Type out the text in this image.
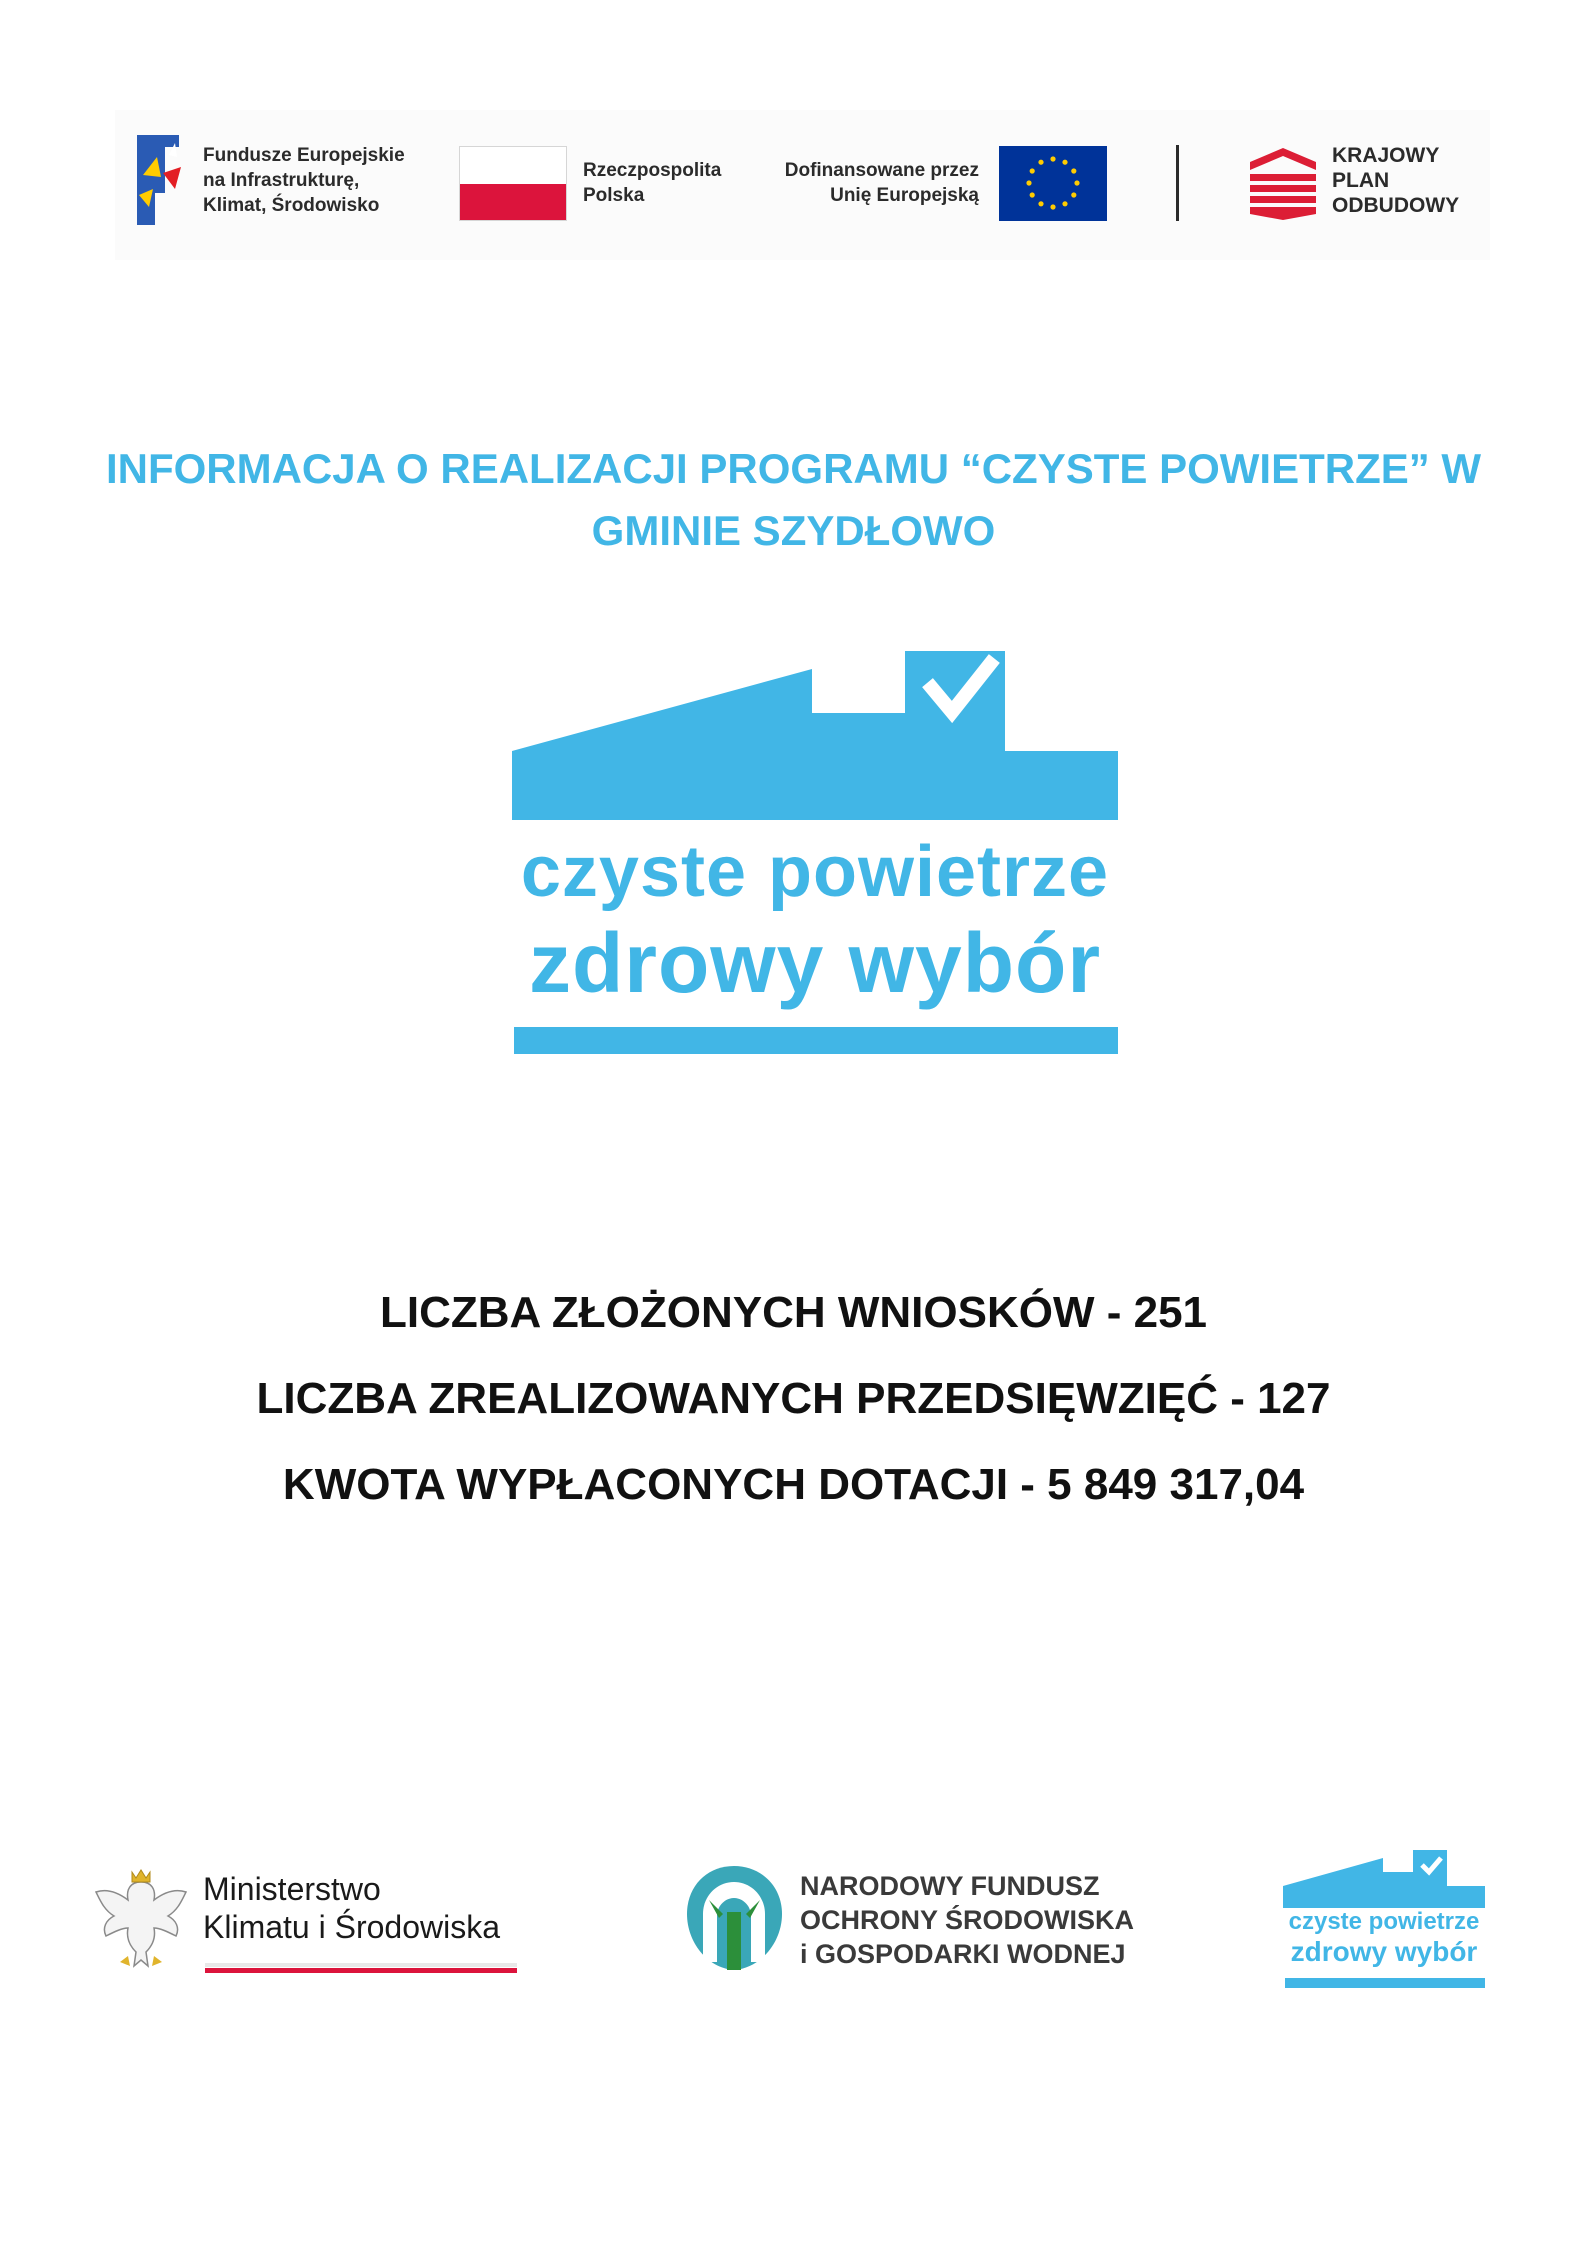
Fundusze Europejskie
na Infrastrukturę,
Klimat, Środowisko
Rzeczpospolita
Polska
Dofinansowane przez
Unię Europejską
KRAJOWY
PLAN
ODBUDOWY
INFORMACJA O REALIZACJI PROGRAMU “CZYSTE POWIETRZE” W
GMINIE SZYDŁOWO
czyste powietrze
zdrowy wybór
LICZBA ZŁOŻONYCH WNIOSKÓW - 251
LICZBA ZREALIZOWANYCH PRZEDSIĘWZIĘĆ - 127
KWOTA WYPŁACONYCH DOTACJI - 5 849 317,04
Ministerstwo
Klimatu i Środowiska
NARODOWY FUNDUSZ
OCHRONY ŚRODOWISKA
i GOSPODARKI WODNEJ
czyste powietrze
zdrowy wybór
